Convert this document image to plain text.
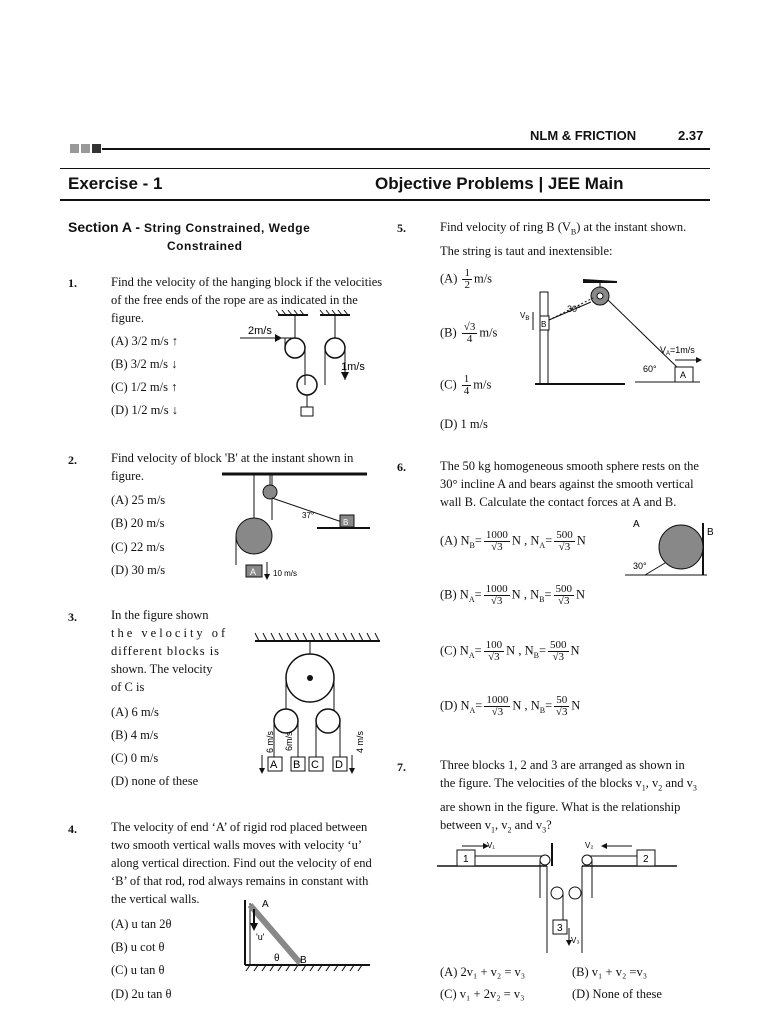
NLM & FRICTION	2.37
Exercise - 1	Objective Problems | JEE Main
Section A - String Constrained, Wedge
Constrained
1.	Find the velocity of the hanging block if the velocities
of the free ends of the rope are as indicated in the
figure.
(A) 3/2 m/s ↑
(B) 3/2 m/s ↓
(C) 1/2 m/s ↑
(D) 1/2 m/s ↓
2m/s
1m/s
2.	Find velocity of block 'B' at the instant shown in
figure.
(A) 25 m/s
(B) 20 m/s
(C) 22 m/s
(D) 30 m/s
B
37°
A 10 m/s
3.	In the figure shown
the velocity of
different blocks is
shown. The velocity
of C is
(A) 6 m/s
(B) 4 m/s
(C) 0 m/s
(D) none of these
A B C D
6 m/s 6m/s	4 m/s
4.	The velocity of end ‘A’ of rigid rod placed between
two smooth vertical walls moves with velocity ‘u’
along vertical direction. Find out the velocity of end
‘B’ of that rod, rod always remains in constant with
the vertical walls.
(A) u tan 2θ
(B) u cot θ
(C) u tan θ
(D) 2u tan θ
A
B
θ
'u'
5.	Find velocity of ring B $(V_B)$ at the instant shown.
The string is taut and inextensible:
$(A) \frac{1}{2} m/s$
$(B) \frac{√3}{4} m/s$
$(C) \frac{1}{4} m/s$
(D) 1 m/s
B
A
30°
60°
$V_A=1m/s$
$V_B$
6.	The 50 kg homogeneous smooth sphere rests on the
30° incline A and bears against the smooth vertical
wall B. Calculate the contact forces at A and B.
(A) $N_B= \frac{1000}{√3}$ N , $N_A= \frac{500}{√3}$ N
(B) $N_A= \frac{1000}{√3}$ N , $N_B= \frac{500}{√3}$ N
(C) $N_A= \frac{100}{√3}$ N , $N_B= \frac{500}{√3}$ N
(D) $N_A= \frac{1000}{√3}$ N , $N_B= \frac{50}{√3}$ N
A
B
30°
7.	Three blocks 1, 2 and 3 are arranged as shown in
the figure. The velocities of the blocks $v_1$, $v_2$ and $v_3$
are shown in the figure. What is the relationship
between $v_1$, $v_2$ and $v_3$?
1	2
3
V₃
V₁	V₂
(A) 2v₁ + v₂ = v₃	(B) v₁ + v₂ =v₃
(C) v₁ + 2v₂ = v₃	(D) None of these
